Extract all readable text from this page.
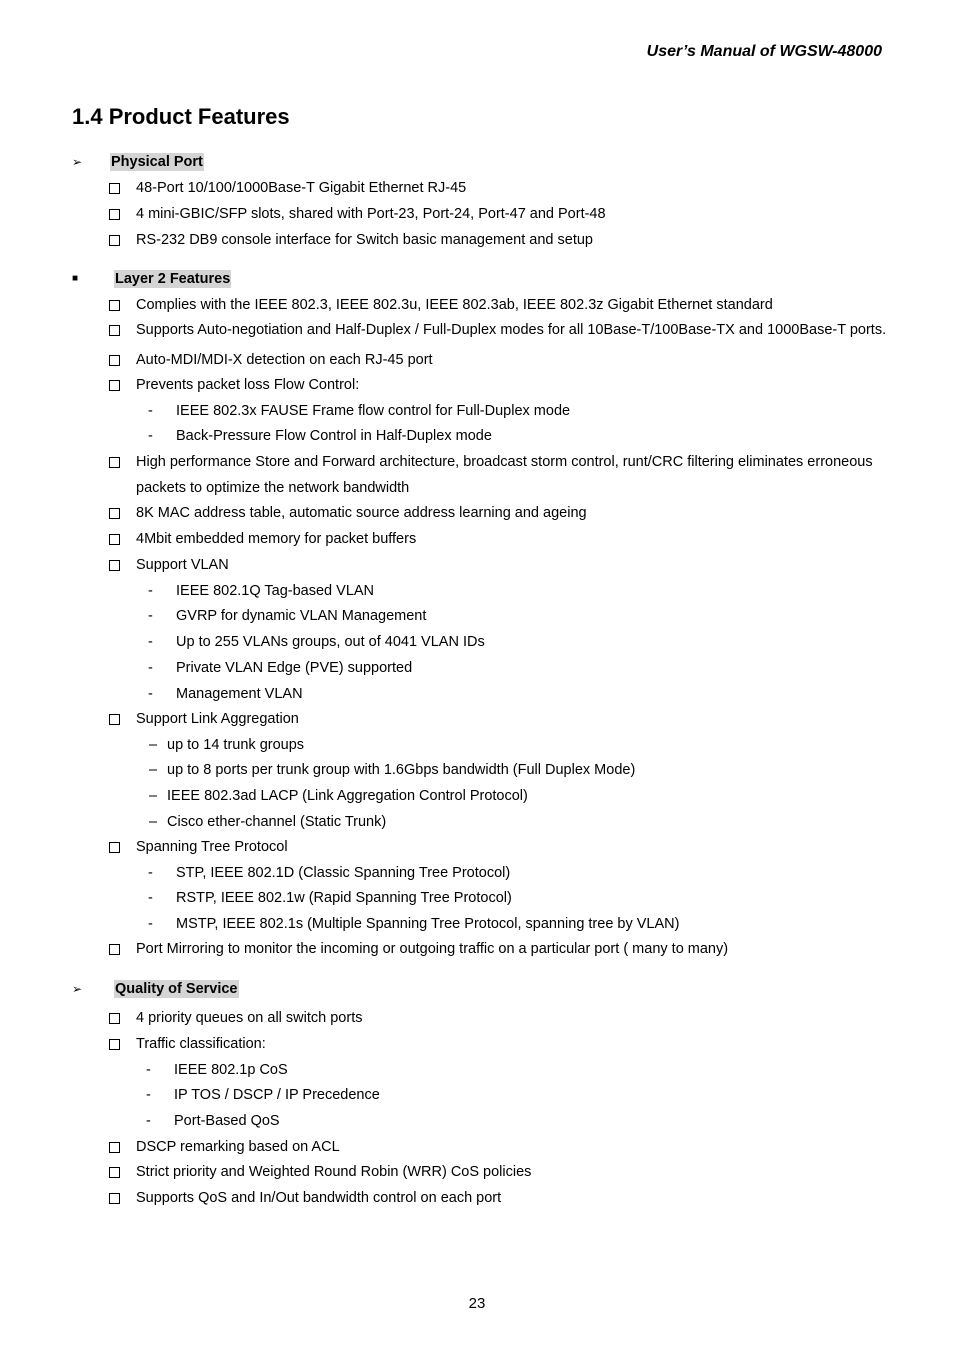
User’s Manual of WGSW-48000
1.4 Product Features
➢ Physical Port
48-Port 10/100/1000Base-T Gigabit Ethernet RJ-45
4 mini-GBIC/SFP slots, shared with Port-23, Port-24, Port-47 and Port-48
RS-232 DB9 console interface for Switch basic management and setup
■	Layer 2 Features
Complies with the IEEE 802.3, IEEE 802.3u, IEEE 802.3ab, IEEE 802.3z Gigabit Ethernet standard
Supports Auto-negotiation and Half-Duplex / Full-Duplex modes for all 10Base-T/100Base-TX and 1000Base-T ports.
Auto-MDI/MDI-X detection on each RJ-45 port
Prevents packet loss Flow Control:
- IEEE 802.3x FAUSE Frame flow control for Full-Duplex mode
- Back-Pressure Flow Control in Half-Duplex mode
High performance Store and Forward architecture, broadcast storm control, runt/CRC filtering eliminates erroneous
packets to optimize the network bandwidth
8K MAC address table, automatic source address learning and ageing
4Mbit embedded memory for packet buffers
Support VLAN
- IEEE 802.1Q Tag-based VLAN
- GVRP for dynamic VLAN Management
- Up to 255 VLANs groups, out of 4041 VLAN IDs
- Private VLAN Edge (PVE) supported
- Management VLAN
Support Link Aggregation
– up to 14 trunk groups
– up to 8 ports per trunk group with 1.6Gbps bandwidth (Full Duplex Mode)
– IEEE 802.3ad LACP (Link Aggregation Control Protocol)
– Cisco ether-channel (Static Trunk)
Spanning Tree Protocol
- STP, IEEE 802.1D (Classic Spanning Tree Protocol)
- RSTP, IEEE 802.1w (Rapid Spanning Tree Protocol)
- MSTP, IEEE 802.1s (Multiple Spanning Tree Protocol, spanning tree by VLAN)
Port Mirroring to monitor the incoming or outgoing traffic on a particular port ( many to many)
➢ Quality of Service
4 priority queues on all switch ports
Traffic classification:
- IEEE 802.1p CoS
- IP TOS / DSCP / IP Precedence
- Port-Based QoS
DSCP remarking based on ACL
Strict priority and Weighted Round Robin (WRR) CoS policies
Supports QoS and In/Out bandwidth control on each port
23
